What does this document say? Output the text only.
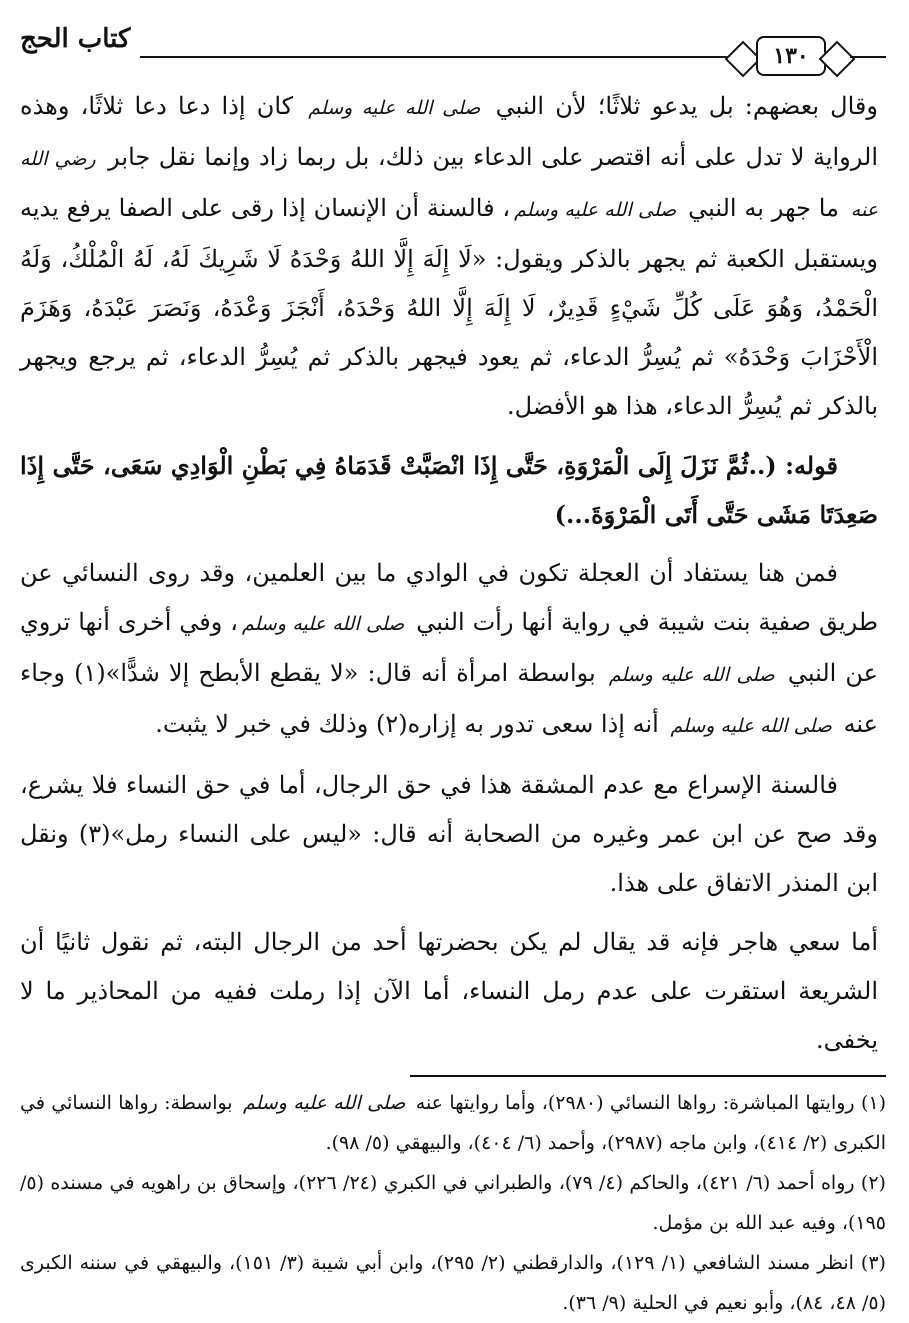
كتاب الحج
١٣٠

وقال بعضهم: بل يدعو ثلاثًا؛ لأن النبي صلى الله عليه وسلم كان إذا دعا دعا ثلاثًا، وهذه الرواية لا تدل على أنه اقتصر على الدعاء بين ذلك، بل ربما زاد وإنما نقل جابر رضي الله عنه ما جهر به النبي صلى الله عليه وسلم، فالسنة أن الإنسان إذا رقى على الصفا يرفع يديه ويستقبل الكعبة ثم يجهر بالذكر ويقول: «لَا إِلَهَ إِلَّا اللهُ وَحْدَهُ لَا شَرِيكَ لَهُ، لَهُ الْمُلْكُ، وَلَهُ الْحَمْدُ، وَهُوَ عَلَى كُلِّ شَيْءٍ قَدِيرٌ، لَا إِلَهَ إِلَّا اللهُ وَحْدَهُ، أَنْجَزَ وَعْدَهُ، وَنَصَرَ عَبْدَهُ، وَهَزَمَ الْأَحْزَابَ وَحْدَهُ» ثم يُسِرُّ الدعاء، ثم يعود فيجهر بالذكر ثم يُسِرُّ الدعاء، ثم يرجع ويجهر بالذكر ثم يُسِرُّ الدعاء، هذا هو الأفضل.

قوله: (..ثُمَّ نَزَلَ إِلَى الْمَرْوَةِ، حَتَّى إِذَا انْصَبَّتْ قَدَمَاهُ فِي بَطْنِ الْوَادِي سَعَى، حَتَّى إِذَا صَعِدَتَا مَشَى حَتَّى أَتَى الْمَرْوَةَ...)

فمن هنا يستفاد أن العجلة تكون في الوادي ما بين العلمين، وقد روى النسائي عن طريق صفية بنت شيبة في رواية أنها رأت النبي صلى الله عليه وسلم، وفي أخرى أنها تروي عن النبي صلى الله عليه وسلم بواسطة امرأة أنه قال: «لا يقطع الأبطح إلا شدًّا»(١) وجاء عنه صلى الله عليه وسلم أنه إذا سعى تدور به إزاره(٢) وذلك في خبر لا يثبت.

فالسنة الإسراع مع عدم المشقة هذا في حق الرجال، أما في حق النساء فلا يشرع، وقد صح عن ابن عمر وغيره من الصحابة أنه قال: «ليس على النساء رمل»(٣) ونقل ابن المنذر الاتفاق على هذا.

أما سعي هاجر فإنه قد يقال لم يكن بحضرتها أحد من الرجال البته، ثم نقول ثانيًا أن الشريعة استقرت على عدم رمل النساء، أما الآن إذا رملت ففيه من المحاذير ما لا يخفى.

(١) روايتها المباشرة: رواها النسائي (٢٩٨٠)، وأما روايتها عنه صلى الله عليه وسلم بواسطة: رواها النسائي في الكبرى (٢/ ٤١٤)، وابن ماجه (٢٩٨٧)، وأحمد (٦/ ٤٠٤)، والبيهقي (٥/ ٩٨).

(٢) رواه أحمد (٦/ ٤٢١)، والحاكم (٤/ ٧٩)، والطبراني في الكبري (٢٤/ ٢٢٦)، وإسحاق بن راهويه في مسنده (٥/ ١٩٥)، وفيه عبد الله بن مؤمل.

(٣) انظر مسند الشافعي (١/ ١٢٩)، والدارقطني (٢/ ٢٩٥)، وابن أبي شيبة (٣/ ١٥١)، والبيهقي في سننه الكبرى (٥/ ٤٨، ٨٤)، وأبو نعيم في الحلية (٩/ ٣٦).
